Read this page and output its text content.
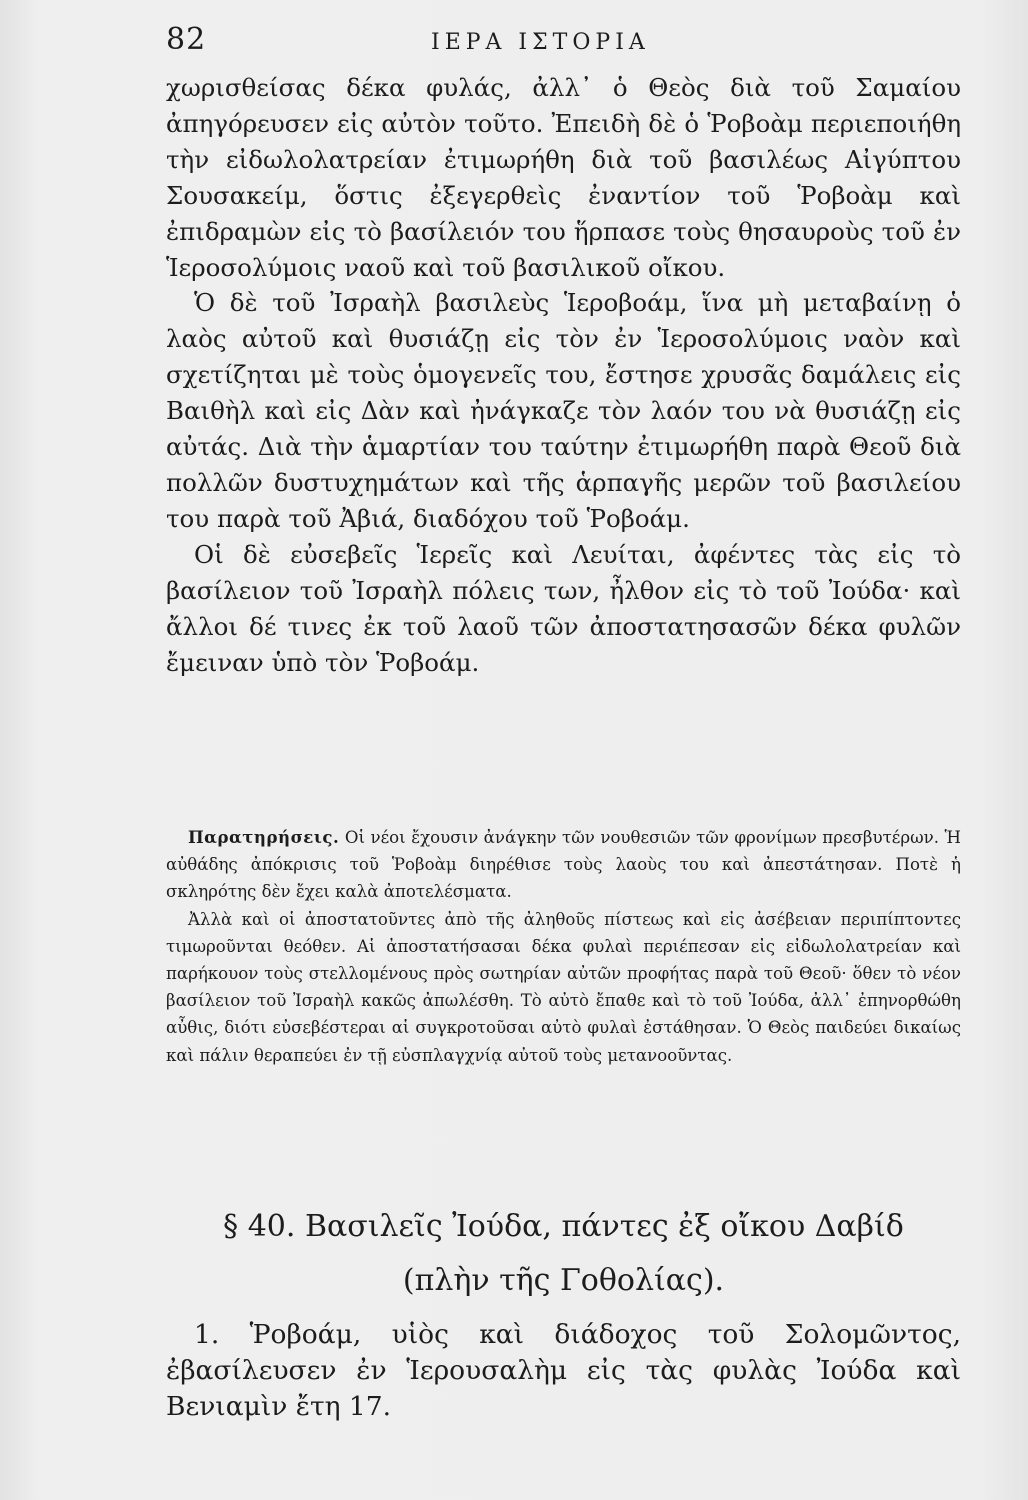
82	ΙΕΡΑ ΙΣΤΟΡΙΑ

χωρισθείσας δέκα φυλάς, ἀλλ᾽ ὁ Θεὸς διὰ τοῦ Σαμαίου ἀπηγόρευσεν εἰς αὐτὸν τοῦτο. Ἐπειδὴ δὲ ὁ Ῥοβοὰμ περιεποιήθη τὴν εἰδωλολατρείαν ἐτιμωρήθη διὰ τοῦ βασιλέως Αἰγύπτου Σουσακείμ, ὅστις ἐξεγερθεὶς ἐναντίον τοῦ Ῥοβοὰμ καὶ ἐπιδραμὼν εἰς τὸ βασίλειόν του ἥρπασε τοὺς θησαυροὺς τοῦ ἐν Ἱεροσολύμοις ναοῦ καὶ τοῦ βασιλικοῦ οἴκου.

Ὁ δὲ τοῦ Ἰσραὴλ βασιλεὺς Ἱεροβοάμ, ἵνα μὴ μεταβαίνῃ ὁ λαὸς αὐτοῦ καὶ θυσιάζῃ εἰς τὸν ἐν Ἱεροσολύμοις ναὸν καὶ σχετίζηται μὲ τοὺς ὁμογενεῖς του, ἔστησε χρυσᾶς δαμάλεις εἰς Βαιθὴλ καὶ εἰς Δὰν καὶ ἠνάγκαζε τὸν λαόν του νὰ θυσιάζῃ εἰς αὐτάς. Διὰ τὴν ἁμαρτίαν του ταύτην ἐτιμωρήθη παρὰ Θεοῦ διὰ πολλῶν δυστυχημάτων καὶ τῆς ἁρπαγῆς μερῶν τοῦ βασιλείου του παρὰ τοῦ Ἀβιά, διαδόχου τοῦ Ῥοβοάμ.

Οἱ δὲ εὐσεβεῖς Ἱερεῖς καὶ Λευίται, ἀφέντες τὰς εἰς τὸ βασίλειον τοῦ Ἰσραὴλ πόλεις των, ἦλθον εἰς τὸ τοῦ Ἰούδα· καὶ ἄλλοι δέ τινες ἐκ τοῦ λαοῦ τῶν ἀποστατησασῶν δέκα φυλῶν ἔμειναν ὑπὸ τὸν Ῥοβοάμ.

Παρατηρήσεις. Οἱ νέοι ἔχουσιν ἀνάγκην τῶν νουθεσιῶν τῶν φρονίμων πρεσβυτέρων. Ἡ αὐθάδης ἀπόκρισις τοῦ Ῥοβοὰμ διηρέθισε τοὺς λαοὺς του καὶ ἀπεστάτησαν. Ποτὲ ἡ σκληρότης δὲν ἔχει καλὰ ἀποτελέσματα.

Ἀλλὰ καὶ οἱ ἀποστατοῦντες ἀπὸ τῆς ἀληθοῦς πίστεως καὶ εἰς ἀσέβειαν περιπίπτοντες τιμωροῦνται θεόθεν. Αἱ ἀποστατήσασαι δέκα φυλαὶ περιέπεσαν εἰς εἰδωλολατρείαν καὶ παρήκουον τοὺς στελλομένους πρὸς σωτηρίαν αὐτῶν προφήτας παρὰ τοῦ Θεοῦ· ὅθεν τὸ νέον βασίλειον τοῦ Ἰσραὴλ κακῶς ἀπωλέσθη. Τὸ αὐτὸ ἔπαθε καὶ τὸ τοῦ Ἰούδα, ἀλλ᾽ ἐπηνορθώθη αὖθις, διότι εὐσεβέστεραι αἱ συγκροτοῦσαι αὐτὸ φυλαὶ ἐστάθησαν. Ὁ Θεὸς παιδεύει δικαίως καὶ πάλιν θεραπεύει ἐν τῇ εὐσπλαγχνίᾳ αὐτοῦ τοὺς μετανοοῦντας.

§ 40. Βασιλεῖς Ἰούδα, πάντες ἐξ οἴκου Δαβίδ
(πλὴν τῆς Γοθολίας).

1. Ῥοβοάμ, υἱὸς καὶ διάδοχος τοῦ Σολομῶντος, ἐβασίλευσεν ἐν Ἱερουσαλὴμ εἰς τὰς φυλὰς Ἰούδα καὶ Βενιαμὶν ἔτη 17.
